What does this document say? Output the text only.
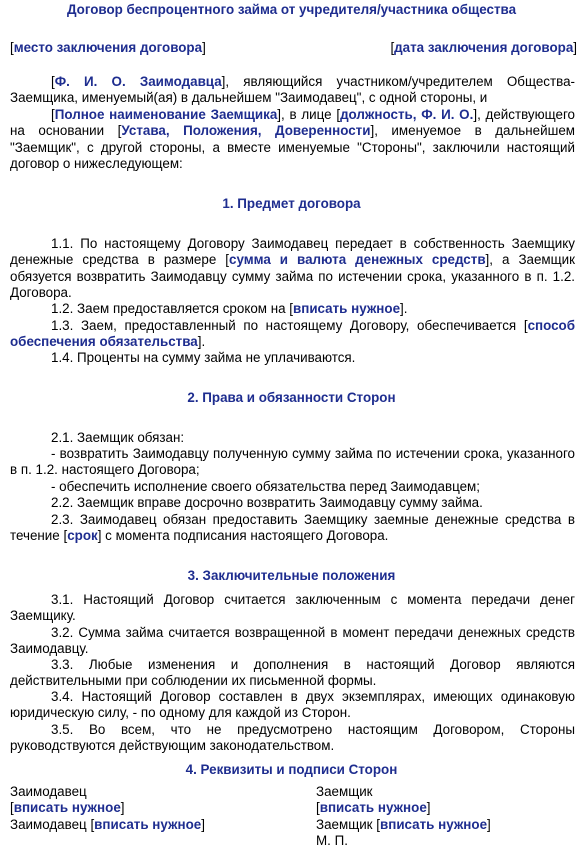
Договор беспроцентного займа от учредителя/участника общества
[место заключения договора]	[дата заключения договора]
[Ф. И. О. Заимодавца], являющийся участником/учредителем Общества-Заемщика, именуемый(ая) в дальнейшем "Заимодавец", с одной стороны, и
[Полное наименование Заемщика], в лице [должность, Ф. И. О.], действующего на основании [Устава, Положения, Доверенности], именуемое в дальнейшем "Заемщик", с другой стороны, а вместе именуемые "Стороны", заключили настоящий договор о нижеследующем:
1. Предмет договора
1.1. По настоящему Договору Заимодавец передает в собственность Заемщику денежные средства в размере [сумма и валюта денежных средств], а Заемщик обязуется возвратить Заимодавцу сумму займа по истечении срока, указанного в п. 1.2. Договора.
1.2. Заем предоставляется сроком на [вписать нужное].
1.3. Заем, предоставленный по настоящему Договору, обеспечивается [способ обеспечения обязательства].
1.4. Проценты на сумму займа не уплачиваются.
2. Права и обязанности Сторон
2.1. Заемщик обязан:
- возвратить Заимодавцу полученную сумму займа по истечении срока, указанного в п. 1.2. настоящего Договора;
- обеспечить исполнение своего обязательства перед Заимодавцем;
2.2. Заемщик вправе досрочно возвратить Заимодавцу сумму займа.
2.3. Заимодавец обязан предоставить Заемщику заемные денежные средства в течение [срок] с момента подписания настоящего Договора.
3. Заключительные положения
3.1. Настоящий Договор считается заключенным с момента передачи денег Заемщику.
3.2. Сумма займа считается возвращенной в момент передачи денежных средств Заимодавцу.
3.3. Любые изменения и дополнения в настоящий Договор являются действительными при соблюдении их письменной формы.
3.4. Настоящий Договор составлен в двух экземплярах, имеющих одинаковую юридическую силу, - по одному для каждой из Сторон.
3.5. Во всем, что не предусмотрено настоящим Договором, Стороны руководствуются действующим законодательством.
4. Реквизиты и подписи Сторон
Заимодавец
[вписать нужное]
Заимодавец [вписать нужное]
Заемщик
[вписать нужное]
Заемщик [вписать нужное]
М. П.
